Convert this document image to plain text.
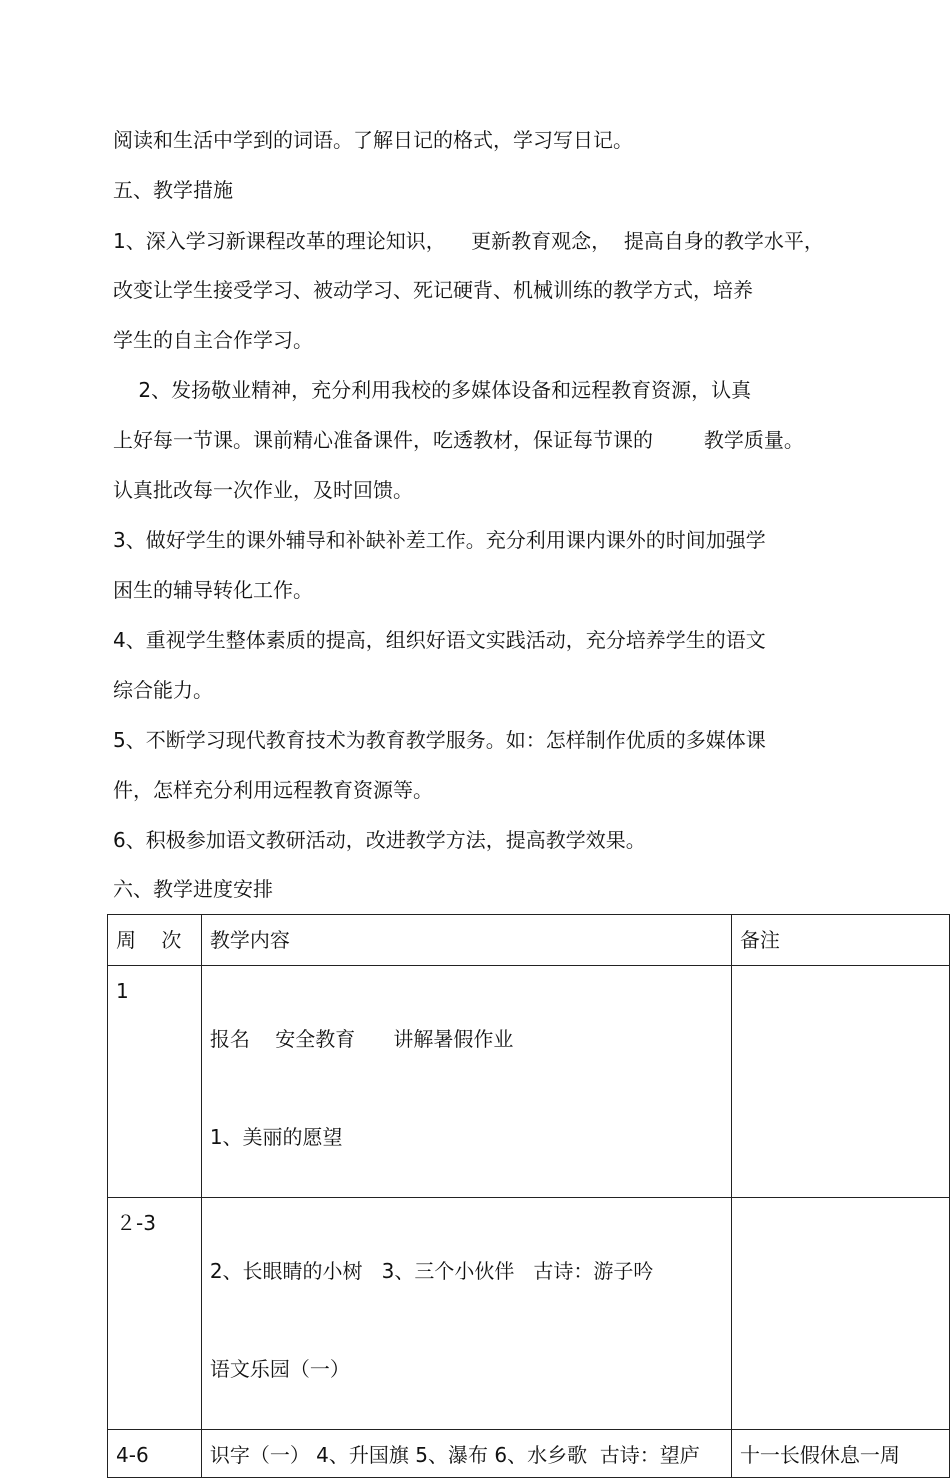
阅读和生活中学到的词语。了解日记的格式，学习写日记。
五、教学措施
1、深入学习新课程改革的理论知识，    更新教育观念，  提高自身的教学水平，
改变让学生接受学习、被动学习、死记硬背、机械训练的教学方式，培养
学生的自主合作学习。
2、发扬敬业精神，充分利用我校的多媒体设备和远程教育资源，认真
上好每一节课。课前精心准备课件，吃透教材，保证每节课的        教学质量。
认真批改每一次作业，及时回馈。
3、做好学生的课外辅导和补缺补差工作。充分利用课内课外的时间加强学
困生的辅导转化工作。
4、重视学生整体素质的提高，组织好语文实践活动，充分培养学生的语文
综合能力。
5、不断学习现代教育技术为教育教学服务。如：怎样制作优质的多媒体课
件，怎样充分利用远程教育资源等。
6、积极参加语文教研活动，改进教学方法，提高教学效果。
六、教学进度安排
周    次	教学内容	备注

1	报名    安全教育      讲解暑假作业

1、美丽的愿望	

２-3	2、长眼睛的小树   3、三个小伙伴   古诗：游子吟

语文乐园（一）	

4-6	识字（一） 4、升国旗 5、瀑布 6、水乡歌  古诗：望庐	十一长假休息一周
